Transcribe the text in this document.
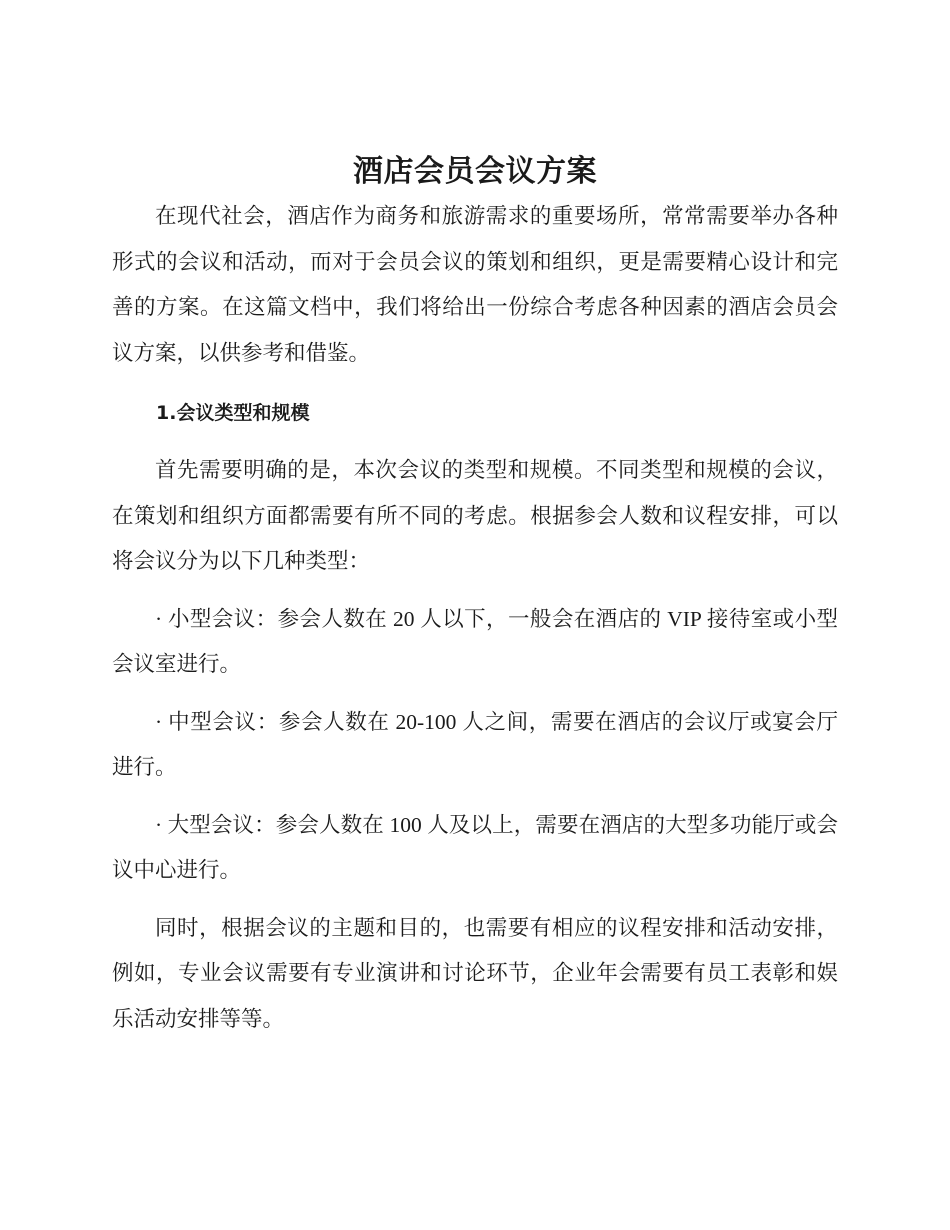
酒店会员会议方案

在现代社会，酒店作为商务和旅游需求的重要场所，常常需要举办各种形式的会议和活动，而对于会员会议的策划和组织，更是需要精心设计和完善的方案。在这篇文档中，我们将给出一份综合考虑各种因素的酒店会员会议方案，以供参考和借鉴。

1.会议类型和规模

首先需要明确的是，本次会议的类型和规模。不同类型和规模的会议，在策划和组织方面都需要有所不同的考虑。根据参会人数和议程安排，可以将会议分为以下几种类型：

· 小型会议：参会人数在 20 人以下，一般会在酒店的 VIP 接待室或小型会议室进行。

· 中型会议：参会人数在 20-100 人之间，需要在酒店的会议厅或宴会厅进行。

· 大型会议：参会人数在 100 人及以上，需要在酒店的大型多功能厅或会议中心进行。

同时，根据会议的主题和目的，也需要有相应的议程安排和活动安排，例如，专业会议需要有专业演讲和讨论环节，企业年会需要有员工表彰和娱乐活动安排等等。
